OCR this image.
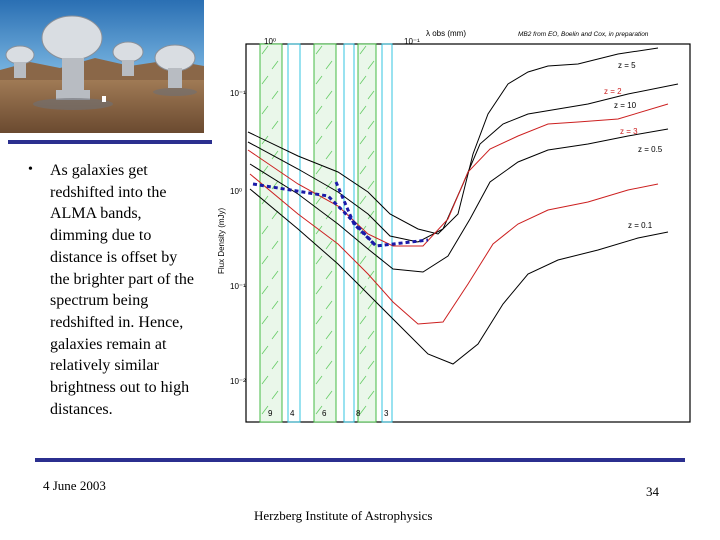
• As galaxies get redshifted into the ALMA bands, dimming due to distance is offset by the brighter part of the spectrum being redshifted in. Hence, galaxies remain at relatively similar brightness out to high distances.
10⁰	10⁻¹
10⁻¹
10⁰
10⁻¹
10⁻²
9 4	6	8	3
z = 5
z = 2
z = 10
z = 3
z = 0.5
z = 0.1
λ obs (mm)	MB2 from EO, Boelin and Cox, in preparation
Flux Density (mJy)
4 June 2003	34
Herzberg Institute of Astrophysics
